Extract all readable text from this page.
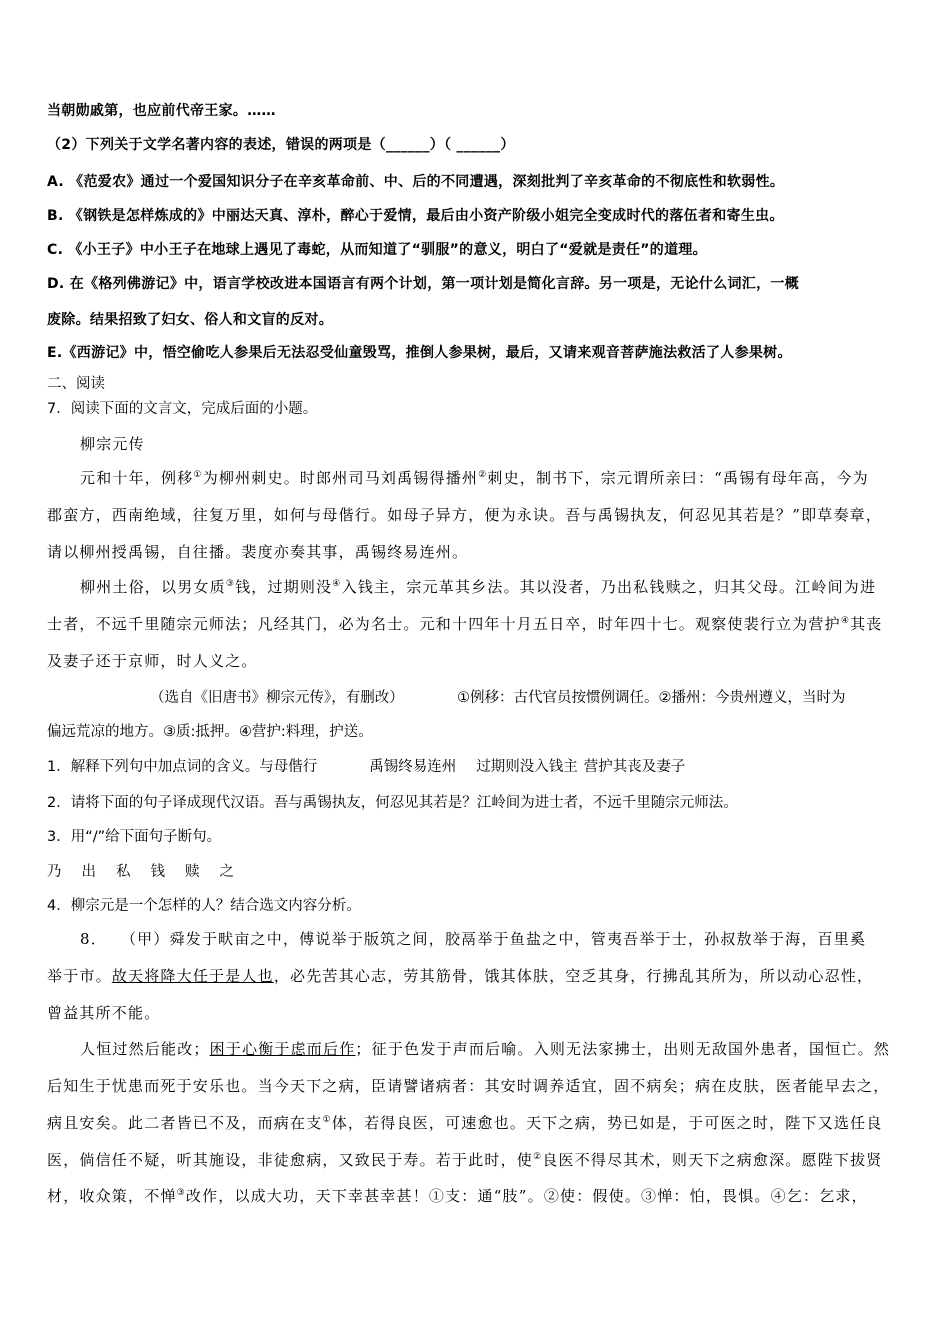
当朝勋戚第，也应前代帝王家。……
（2）下列关于文学名著内容的表述，错误的两项是（______）（ ______）
A. 《范爱农》通过一个爱国知识分子在辛亥革命前、中、后的不同遭遇，深刻批判了辛亥革命的不彻底性和软弱性。
B. 《钢铁是怎样炼成的》中丽达天真、淳朴，醉心于爱情，最后由小资产阶级小姐完全变成时代的落伍者和寄生虫。
C. 《小王子》中小王子在地球上遇见了毒蛇，从而知道了“驯服”的意义，明白了“爱就是责任”的道理。
D. 在《格列佛游记》中，语言学校改进本国语言有两个计划，第一项计划是简化言辞。另一项是，无论什么词汇，一概
废除。结果招致了妇女、俗人和文盲的反对。
E.《西游记》中，悟空偷吃人参果后无法忍受仙童毁骂，推倒人参果树，最后，又请来观音菩萨施法救活了人参果树。
二、阅读
7．阅读下面的文言文，完成后面的小题。
柳宗元传
元和十年，例移①为柳州刺史。时郎州司马刘禹锡得播州②刺史，制书下，宗元谓所亲曰：“禹锡有母年高，今为
郡蛮方，西南绝域，往复万里，如何与母偕行。如母子异方，便为永诀。吾与禹锡执友，何忍见其若是？”即草奏章，
请以柳州授禹锡，自往播。裴度亦奏其事，禹锡终易连州。
柳州土俗，以男女质③钱，过期则没④入钱主，宗元革其乡法。其以没者，乃出私钱赎之，归其父母。江岭间为进
士者，不远千里随宗元师法；凡经其门，必为名士。元和十四年十月五日卒，时年四十七。观察使裴行立为营护④其丧
及妻子还于京师，时人义之。
（选自《旧唐书》柳宗元传》，有删改）	①例移：古代官员按惯例调任。②播州：今贵州遵义，当时为
偏远荒凉的地方。③质:抵押。④营护:料理，护送。
1．解释下列句中加点词的含义。与母偕行	禹锡终易连州 过期则没入钱主 营护其丧及妻子
2．请将下面的句子译成现代汉语。吾与禹锡执友，何忍见其若是？江岭间为进士者，不远千里随宗元师法。
3．用“/”给下面句子断句。
乃 出 私 钱 赎 之
4．柳宗元是一个怎样的人？结合选文内容分析。
8． （甲）舜发于畎亩之中，傅说举于版筑之间，胶鬲举于鱼盐之中，管夷吾举于士，孙叔敖举于海，百里奚
举于市。故天将降大任于是人也，必先苦其心志，劳其筋骨，饿其体肤，空乏其身，行拂乱其所为，所以动心忍性，
曾益其所不能。
人恒过然后能改；困于心衡于虑而后作；征于色发于声而后喻。入则无法家拂士，出则无敌国外患者，国恒亡。然
后知生于忧患而死于安乐也。当今天下之病，臣请譬诸病者：其安时调养适宜，固不病矣；病在皮肤，医者能早去之，
病且安矣。此二者皆已不及，而病在支①体，若得良医，可速愈也。天下之病，势已如是，于可医之时，陛下又选任良
医，倘信任不疑，听其施设，非徒愈病，又致民于寿。若于此时，使②良医不得尽其术，则天下之病愈深。愿陛下拔贤
材，收众策，不惮③改作，以成大功，天下幸甚幸甚！①支：通“肢”。②使：假使。③惮：怕，畏惧。④乞：乞求，
